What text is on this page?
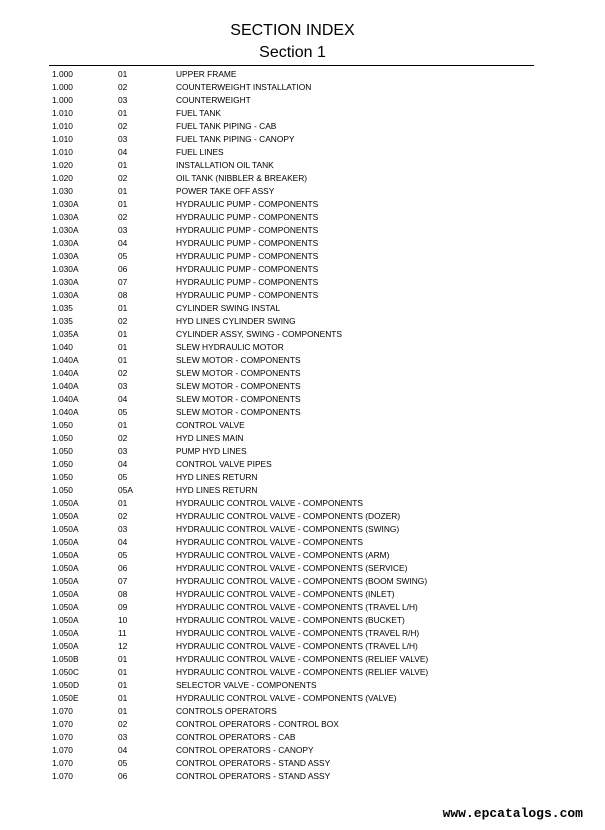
SECTION INDEX
Section 1
1.000	01	UPPER FRAME
1.000	02	COUNTERWEIGHT INSTALLATION
1.000	03	COUNTERWEIGHT
1.010	01	FUEL TANK
1.010	02	FUEL TANK PIPING - CAB
1.010	03	FUEL TANK PIPING - CANOPY
1.010	04	FUEL LINES
1.020	01	INSTALLATION OIL TANK
1.020	02	OIL TANK (NIBBLER & BREAKER)
1.030	01	POWER TAKE OFF ASSY
1.030A	01	HYDRAULIC PUMP - COMPONENTS
1.030A	02	HYDRAULIC PUMP - COMPONENTS
1.030A	03	HYDRAULIC PUMP - COMPONENTS
1.030A	04	HYDRAULIC PUMP - COMPONENTS
1.030A	05	HYDRAULIC PUMP - COMPONENTS
1.030A	06	HYDRAULIC PUMP - COMPONENTS
1.030A	07	HYDRAULIC PUMP - COMPONENTS
1.030A	08	HYDRAULIC PUMP - COMPONENTS
1.035	01	CYLINDER SWING INSTAL
1.035	02	HYD LINES CYLINDER SWING
1.035A	01	CYLINDER ASSY, SWING - COMPONENTS
1.040	01	SLEW HYDRAULIC MOTOR
1.040A	01	SLEW MOTOR - COMPONENTS
1.040A	02	SLEW MOTOR - COMPONENTS
1.040A	03	SLEW MOTOR - COMPONENTS
1.040A	04	SLEW MOTOR - COMPONENTS
1.040A	05	SLEW MOTOR - COMPONENTS
1.050	01	CONTROL VALVE
1.050	02	HYD LINES MAIN
1.050	03	PUMP HYD LINES
1.050	04	CONTROL VALVE PIPES
1.050	05	HYD LINES RETURN
1.050	05A	HYD LINES RETURN
1.050A	01	HYDRAULIC CONTROL VALVE - COMPONENTS
1.050A	02	HYDRAULIC CONTROL VALVE - COMPONENTS (DOZER)
1.050A	03	HYDRAULIC CONTROL VALVE - COMPONENTS (SWING)
1.050A	04	HYDRAULIC CONTROL VALVE - COMPONENTS
1.050A	05	HYDRAULIC CONTROL VALVE - COMPONENTS (ARM)
1.050A	06	HYDRAULIC CONTROL VALVE - COMPONENTS (SERVICE)
1.050A	07	HYDRAULIC CONTROL VALVE - COMPONENTS (BOOM SWING)
1.050A	08	HYDRAULIC CONTROL VALVE - COMPONENTS (INLET)
1.050A	09	HYDRAULIC CONTROL VALVE - COMPONENTS (TRAVEL L/H)
1.050A	10	HYDRAULIC CONTROL VALVE - COMPONENTS (BUCKET)
1.050A	11	HYDRAULIC CONTROL VALVE - COMPONENTS (TRAVEL R/H)
1.050A	12	HYDRAULIC CONTROL VALVE - COMPONENTS (TRAVEL L/H)
1.050B	01	HYDRAULIC CONTROL VALVE - COMPONENTS (RELIEF VALVE)
1.050C	01	HYDRAULIC CONTROL VALVE - COMPONENTS (RELIEF VALVE)
1.050D	01	SELECTOR VALVE - COMPONENTS
1.050E	01	HYDRAULIC CONTROL VALVE - COMPONENTS (VALVE)
1.070	01	CONTROLS OPERATORS
1.070	02	CONTROL OPERATORS - CONTROL BOX
1.070	03	CONTROL OPERATORS - CAB
1.070	04	CONTROL OPERATORS - CANOPY
1.070	05	CONTROL OPERATORS - STAND ASSY
1.070	06	CONTROL OPERATORS - STAND ASSY
www.epcatalogs.com
